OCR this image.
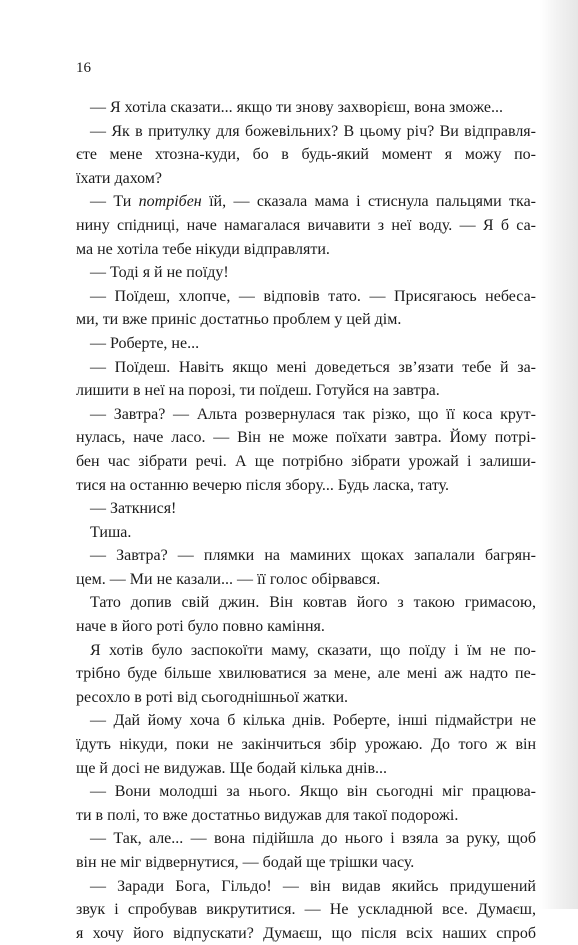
16
— Я хотіла сказати... якщо ти знову захворієш, вона зможе...
— Як в притулку для божевільних? В цьому річ? Ви відправля-
єте мене хтозна-куди, бо в будь-який момент я можу по-
їхати дахом?
— Ти потрібен їй, — сказала мама і стиснула пальцями тка-
нину спідниці, наче намагалася вичавити з неї воду. — Я б са-
ма не хотіла тебе нікуди відправляти.
— Тоді я й не поїду!
— Поїдеш, хлопче, — відповів тато. — Присягаюсь небеса-
ми, ти вже приніс достатньо проблем у цей дім.
— Роберте, не...
— Поїдеш. Навіть якщо мені доведеться зв’язати тебе й за-
лишити в неї на порозі, ти поїдеш. Готуйся на завтра.
— Завтра? — Альта розвернулася так різко, що її коса крут-
нулась, наче ласо. — Він не може поїхати завтра. Йому потрі-
бен час зібрати речі. А ще потрібно зібрати урожай і залиши-
тися на останню вечерю після збору... Будь ласка, тату.
— Заткнися!
Тиша.
— Завтра? — плямки на маминих щоках запалали багрян-
цем. — Ми не казали... — її голос обірвався.
Тато допив свій джин. Він ковтав його з такою гримасою,
наче в його роті було повно каміння.
Я хотів було заспокоїти маму, сказати, що поїду і їм не по-
трібно буде більше хвилюватися за мене, але мені аж надто пе-
ресохло в роті від сьогоднішньої жатки.
— Дай йому хоча б кілька днів. Роберте, інші підмайстри не
їдуть нікуди, поки не закінчиться збір урожаю. До того ж він
ще й досі не видужав. Ще бодай кілька днів...
— Вони молодші за нього. Якщо він сьогодні міг працюва-
ти в полі, то вже достатньо видужав для такої подорожі.
— Так, але... — вона підійшла до нього і взяла за руку, щоб
він не міг відвернутися, — бодай ще трішки часу.
— Заради Бога, Гільдо! — він видав якийсь придушений
звук і спробував викрутитися. — Не ускладнюй все. Думаєш,
я хочу його відпускати? Думаєш, що після всіх наших спроб
